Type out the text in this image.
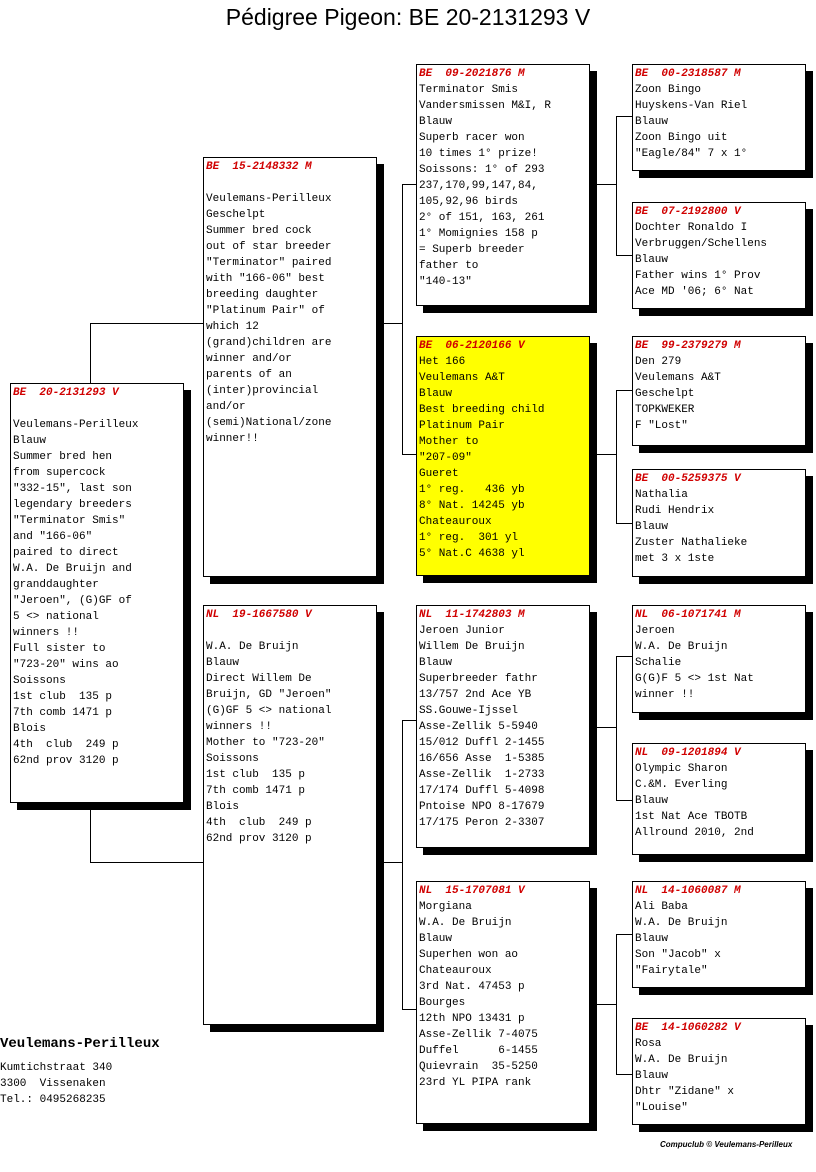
Pédigree Pigeon: BE 20-2131293 V
BE  20-2131293 V
Veulemans-Perilleux
Blauw
Summer bred hen
from supercock
"332-15", last son
legendary breeders
"Terminator Smis"
and "166-06"
paired to direct
W.A. De Bruijn and
granddaughter
"Jeroen", (G)GF of
5 <> national
winners !!
Full sister to
"723-20" wins ao
Soissons
1st club  135 p
7th comb 1471 p
Blois
4th  club  249 p
62nd prov 3120 p
BE  15-2148332 M
Veulemans-Perilleux
Geschelpt
Summer bred cock
out of star breeder
"Terminator" paired
with "166-06" best
breeding daughter
"Platinum Pair" of
which 12
(grand)children are
winner and/or
parents of an
(inter)provincial
and/or
(semi)National/zone
winner!!
NL  19-1667580 V
W.A. De Bruijn
Blauw
Direct Willem De
Bruijn, GD "Jeroen"
(G)GF 5 <> national
winners !!
Mother to "723-20"
Soissons
1st club  135 p
7th comb 1471 p
Blois
4th  club  249 p
62nd prov 3120 p
BE  09-2021876 M
Terminator Smis
Vandersmissen M&I, R
Blauw
Superb racer won
10 times 1° prize!
Soissons: 1° of 293
237,170,99,147,84,
105,92,96 birds
2° of 151, 163, 261
1° Momignies 158 p
= Superb breeder
father to
"140-13"
BE  06-2120166 V
Het 166
Veulemans A&T
Blauw
Best breeding child
Platinum Pair
Mother to
"207-09"
Gueret
1° reg.   436 yb
8° Nat. 14245 yb
Chateauroux
1° reg.  301 yl
5° Nat.C 4638 yl
NL  11-1742803 M
Jeroen Junior
Willem De Bruijn
Blauw
Superbreeder fathr
13/757 2nd Ace YB
SS.Gouwe-Ijssel
Asse-Zellik 5-5940
15/012 Duffl 2-1455
16/656 Asse  1-5385
Asse-Zellik  1-2733
17/174 Duffl 5-4098
Pntoise NPO 8-17679
17/175 Peron 2-3307
NL  15-1707081 V
Morgiana
W.A. De Bruijn
Blauw
Superhen won ao
Chateauroux
3rd Nat. 47453 p
Bourges
12th NPO 13431 p
Asse-Zellik 7-4075
Duffel      6-1455
Quievrain  35-5250
23rd YL PIPA rank
BE  00-2318587 M
Zoon Bingo
Huyskens-Van Riel
Blauw
Zoon Bingo uit
"Eagle/84" 7 x 1°
BE  07-2192800 V
Dochter Ronaldo I
Verbruggen/Schellens
Blauw
Father wins 1° Prov
Ace MD '06; 6° Nat
BE  99-2379279 M
Den 279
Veulemans A&T
Geschelpt
TOPKWEKER
F "Lost"
BE  00-5259375 V
Nathalia
Rudi Hendrix
Blauw
Zuster Nathalieke
met 3 x 1ste
NL  06-1071741 M
Jeroen
W.A. De Bruijn
Schalie
G(G)F 5 <> 1st Nat
winner !!
NL  09-1201894 V
Olympic Sharon
C.&M. Everling
Blauw
1st Nat Ace TBOTB
Allround 2010, 2nd
NL  14-1060087 M
Ali Baba
W.A. De Bruijn
Blauw
Son "Jacob" x
"Fairytale"
BE  14-1060282 V
Rosa
W.A. De Bruijn
Blauw
Dhtr "Zidane" x
"Louise"
Veulemans-Perilleux
Kumtichstraat 340
3300  Vissenaken
Tel.: 0495268235
Compuclub © Veulemans-Perilleux
